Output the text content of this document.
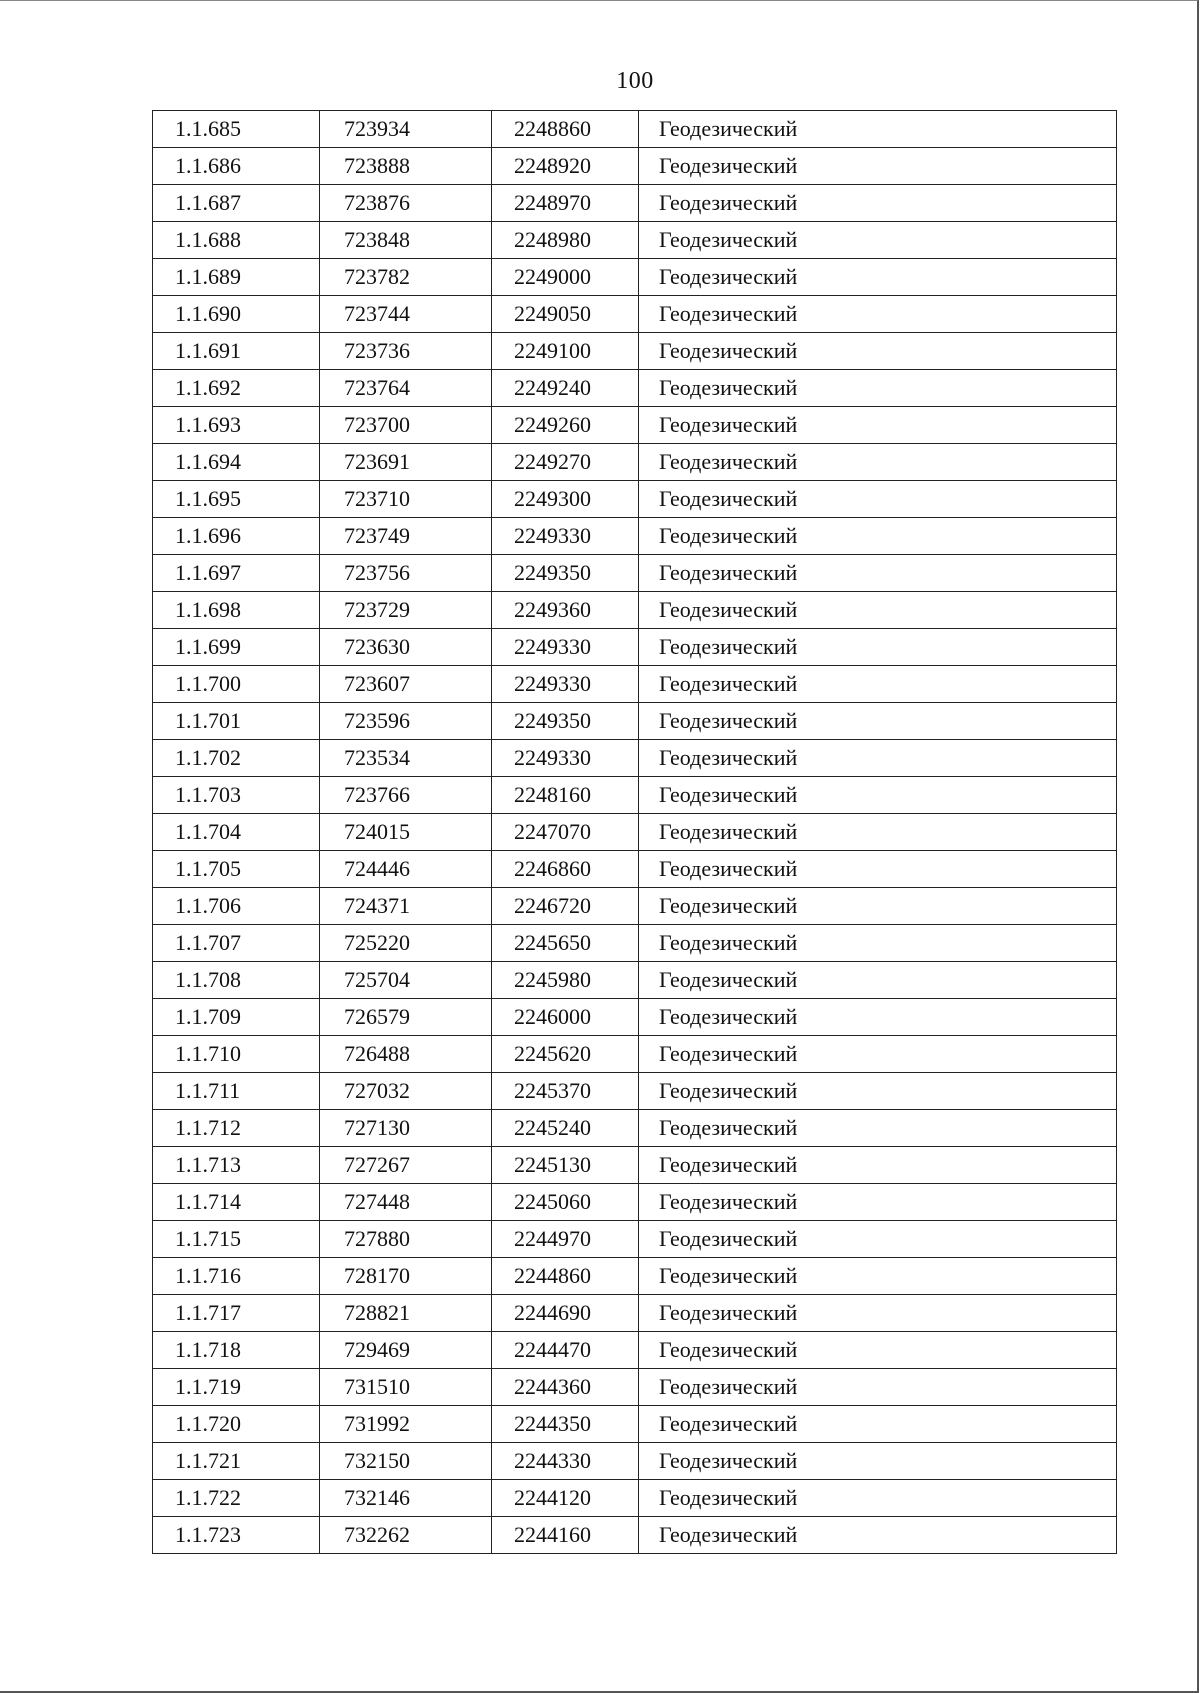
100
1.1.685	723934	2248860	Геодезический
1.1.686	723888	2248920	Геодезический
1.1.687	723876	2248970	Геодезический
1.1.688	723848	2248980	Геодезический
1.1.689	723782	2249000	Геодезический
1.1.690	723744	2249050	Геодезический
1.1.691	723736	2249100	Геодезический
1.1.692	723764	2249240	Геодезический
1.1.693	723700	2249260	Геодезический
1.1.694	723691	2249270	Геодезический
1.1.695	723710	2249300	Геодезический
1.1.696	723749	2249330	Геодезический
1.1.697	723756	2249350	Геодезический
1.1.698	723729	2249360	Геодезический
1.1.699	723630	2249330	Геодезический
1.1.700	723607	2249330	Геодезический
1.1.701	723596	2249350	Геодезический
1.1.702	723534	2249330	Геодезический
1.1.703	723766	2248160	Геодезический
1.1.704	724015	2247070	Геодезический
1.1.705	724446	2246860	Геодезический
1.1.706	724371	2246720	Геодезический
1.1.707	725220	2245650	Геодезический
1.1.708	725704	2245980	Геодезический
1.1.709	726579	2246000	Геодезический
1.1.710	726488	2245620	Геодезический
1.1.711	727032	2245370	Геодезический
1.1.712	727130	2245240	Геодезический
1.1.713	727267	2245130	Геодезический
1.1.714	727448	2245060	Геодезический
1.1.715	727880	2244970	Геодезический
1.1.716	728170	2244860	Геодезический
1.1.717	728821	2244690	Геодезический
1.1.718	729469	2244470	Геодезический
1.1.719	731510	2244360	Геодезический
1.1.720	731992	2244350	Геодезический
1.1.721	732150	2244330	Геодезический
1.1.722	732146	2244120	Геодезический
1.1.723	732262	2244160	Геодезический
